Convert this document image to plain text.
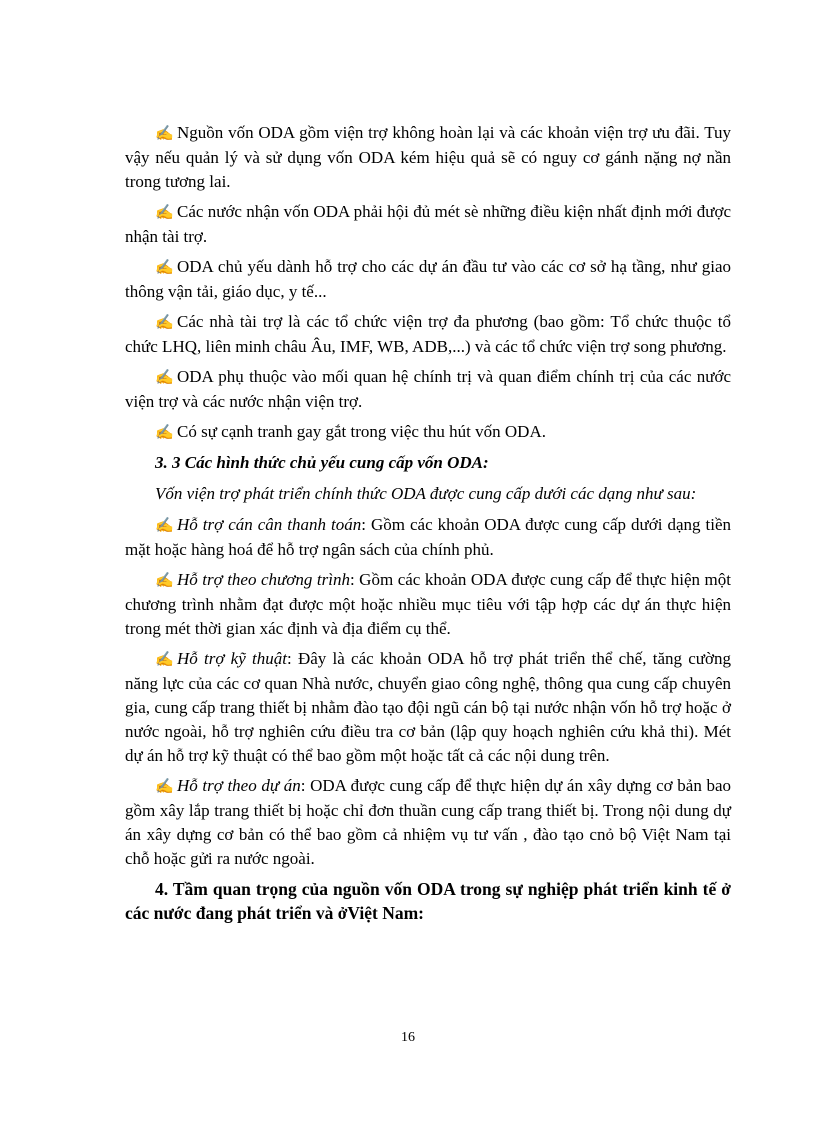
✍ Nguồn vốn ODA gồm viện trợ không hoàn lại và các khoản viện trợ ưu đãi. Tuy vậy nếu quản lý và sử dụng vốn ODA kém hiệu quả sẽ có nguy cơ gánh nặng nợ nần trong tương lai.

✍ Các nước nhận vốn ODA phải hội đủ mét sè những điều kiện nhất định mới được nhận tài trợ.

✍ ODA chủ yếu dành hỗ trợ cho các dự án đầu tư vào các cơ sở hạ tầng, như giao thông vận tải, giáo dục, y tế...

✍ Các nhà tài trợ là các tổ chức viện trợ đa phương (bao gồm: Tổ chức thuộc tổ chức LHQ, liên minh châu Âu, IMF, WB, ADB,...) và các tổ chức viện trợ song phương.

✍ ODA phụ thuộc vào mối quan hệ chính trị và quan điểm chính trị của các nước viện trợ và các nước nhận viện trợ.

✍ Có sự cạnh tranh gay gắt trong việc thu hút vốn ODA.

3. 3 Các hình thức chủ yếu cung cấp vốn ODA:

Vốn viện trợ phát triển chính thức ODA được cung cấp dưới các dạng như sau:

✍ Hỗ trợ cán cân thanh toán: Gồm các khoản ODA được cung cấp dưới dạng tiền mặt hoặc hàng hoá để hỗ trợ ngân sách của chính phủ.

✍ Hỗ trợ theo chương trình: Gồm các khoản ODA được cung cấp để thực hiện một chương trình nhằm đạt được một hoặc nhiều mục tiêu với tập hợp các dự án thực hiện trong mét thời gian xác định và địa điểm cụ thể.

✍ Hỗ trợ kỹ thuật: Đây là các khoản ODA hỗ trợ phát triển thể chế, tăng cường năng lực của các cơ quan Nhà nước, chuyển giao công nghệ, thông qua cung cấp chuyên gia, cung cấp trang thiết bị nhằm đào tạo đội ngũ cán bộ tại nước nhận vốn hỗ trợ hoặc ở nước ngoài, hỗ trợ nghiên cứu điều tra cơ bản (lập quy hoạch nghiên cứu khả thi). Mét dự án hỗ trợ kỹ thuật có thể bao gồm một hoặc tất cả các nội dung trên.

✍ Hỗ trợ theo dự án: ODA được cung cấp để thực hiện dự án xây dựng cơ bản bao gồm xây lắp trang thiết bị hoặc chỉ đơn thuần cung cấp trang thiết bị. Trong nội dung dự án xây dựng cơ bản có thể bao gồm cả nhiệm vụ tư vấn , đào tạo cnỏ bộ Việt Nam tại chỗ hoặc gửi ra nước ngoài.

4. Tầm quan trọng của nguồn vốn ODA trong sự nghiệp phát triển kinh tế ở các nước đang phát triển và ởViệt Nam:

16
